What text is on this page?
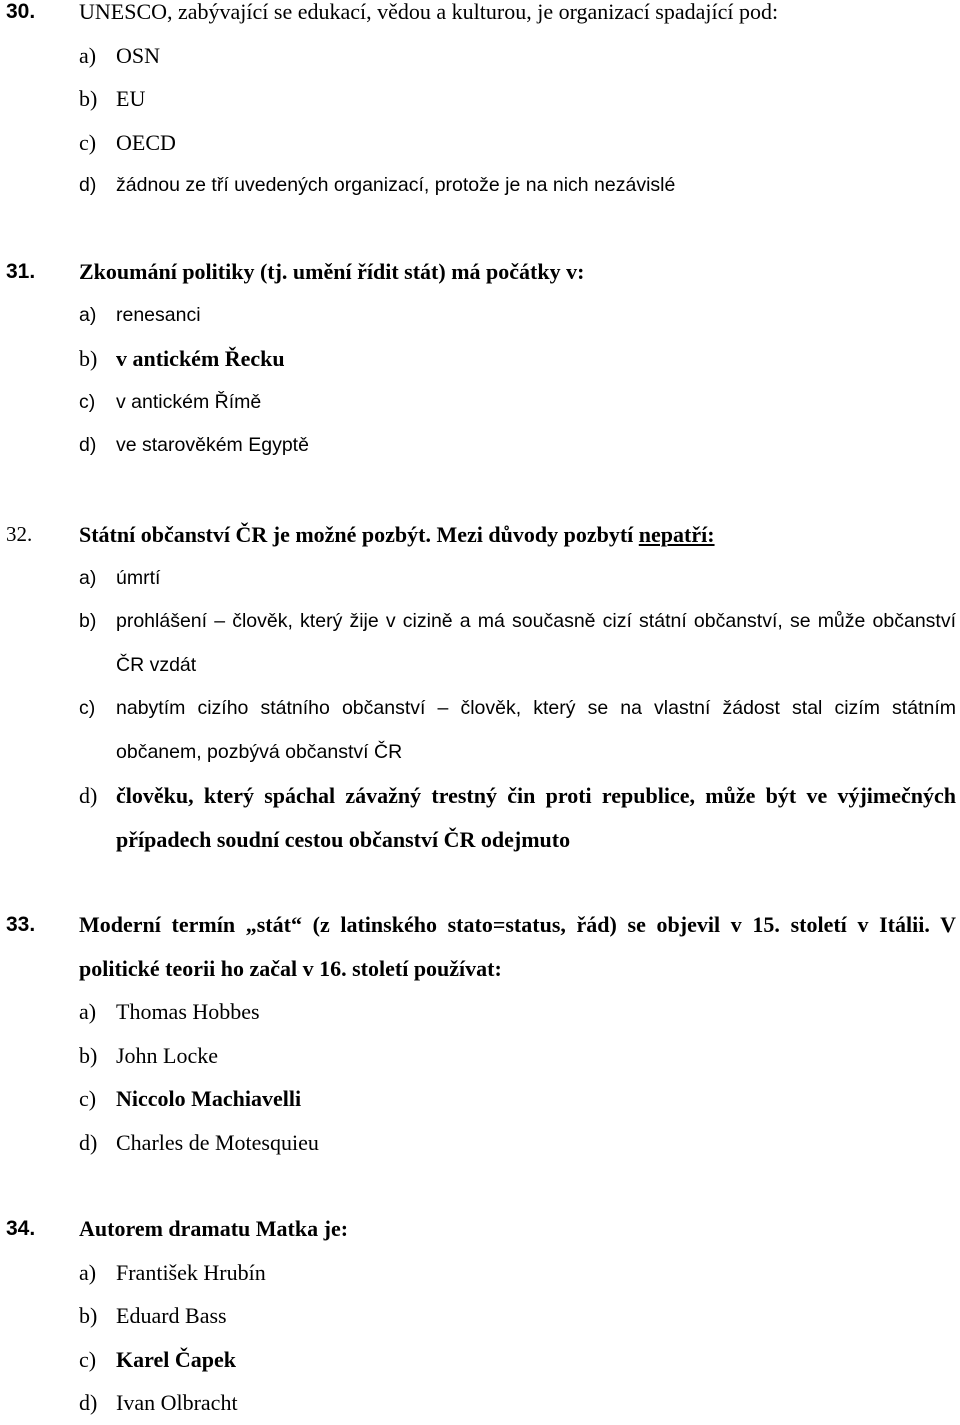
30. UNESCO, zabývající se edukací, vědou a kulturou, je organizací spadající pod:
a) OSN
b) EU
c) OECD
d) žádnou ze tří uvedených organizací, protože je na nich nezávislé
31. Zkoumání politiky (tj. umění řídit stát) má počátky v:
a) renesanci
b) v antickém Řecku
c) v antickém Římě
d) ve starověkém Egyptě
32. Státní občanství ČR je možné pozbýt. Mezi důvody pozbytí nepatří:
a) úmrtí
b) prohlášení – člověk, který žije v cizině a má současně cizí státní občanství, se může občanství ČR vzdát
c) nabytím cizího státního občanství – člověk, který se na vlastní žádost stal cizím státním občanem, pozbývá občanství ČR
d) člověku, který spáchal závažný trestný čin proti republice, může být ve výjimečných případech soudní cestou občanství ČR odejmuto
33. Moderní termín „stát“ (z latinského stato=status, řád) se objevil v 15. století v Itálii. V politické teorii ho začal v 16. století používat:
a) Thomas Hobbes
b) John Locke
c) Niccolo Machiavelli
d) Charles de Motesquieu
34. Autorem dramatu Matka je:
a) František Hrubín
b) Eduard Bass
c) Karel Čapek
d) Ivan Olbracht
